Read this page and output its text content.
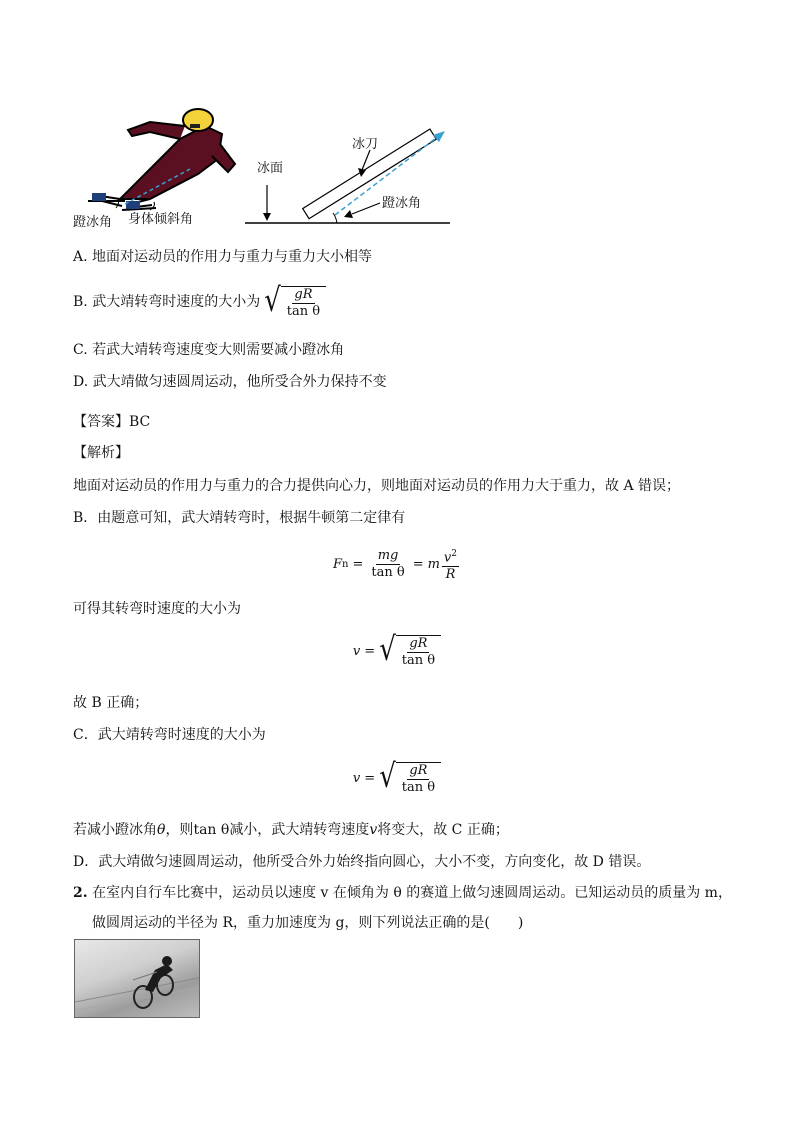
蹬冰角 身体倾斜角
冰面
冰刀
蹬冰角
A. 地面对运动员的作用力与重力与重力大小相等
B. 武大靖转弯时速度的大小为 √ $\frac{gR}{\text{tan θ}}$
C. 若武大靖转弯速度变大则需要减小蹬冰角
D. 武大靖做匀速圆周运动，他所受合外力保持不变
【答案】BC
【解析】
地面对运动员的作用力与重力的合力提供向心力，则地面对运动员的作用力大于重力，故 A 错误；
B．由题意可知，武大靖转弯时，根据牛顿第二定律有
F $n = \frac{mg}{\text{tan θ}} = m \frac{v^2}{R}$
可得其转弯时速度的大小为
v = √ $\frac{gR}{\text{tan θ}}$
故 B 正确；
C．武大靖转弯时速度的大小为
v = √ $\frac{gR}{\text{tan θ}}$
若减小蹬冰角θ，则tan θ减小，武大靖转弯速度v将变大，故 C 正确；
D．武大靖做匀速圆周运动，他所受合外力始终指向圆心，大小不变，方向变化，故 D 错误。
2. 在室内自行车比赛中，运动员以速度 v 在倾角为 θ 的赛道上做匀速圆周运动。已知运动员的质量为 m，
做圆周运动的半径为 R，重力加速度为 g，则下列说法正确的是(　　)
